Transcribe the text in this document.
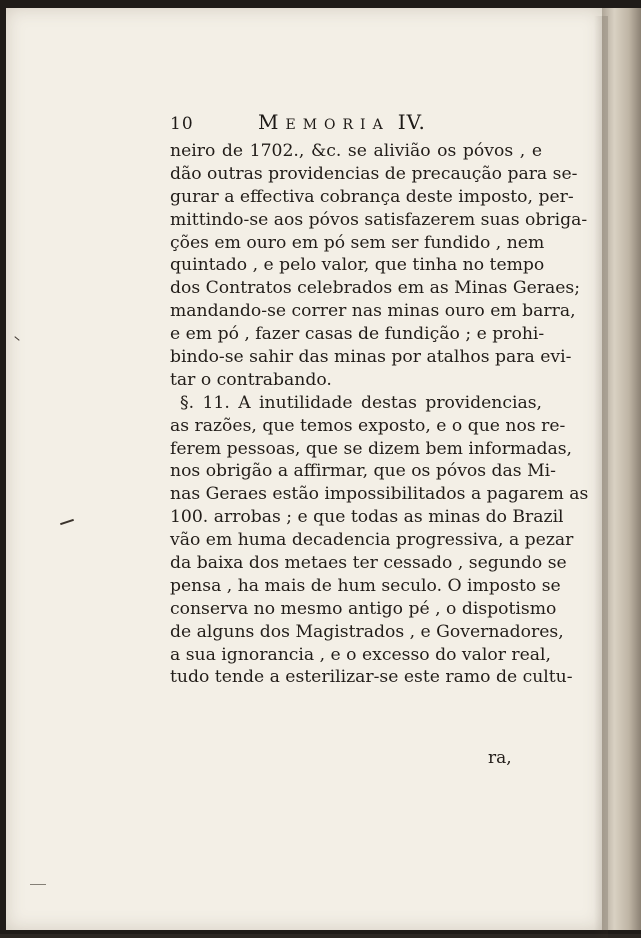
10	Memoria IV.
neiro de 1702., &c. se alivião os póvos , e
dão outras providencias de precaução para se-
gurar a effectiva cobrança deste imposto, per-
mittindo-se aos póvos satisfazerem suas obriga-
ções em ouro em pó sem ser fundido , nem
quintado , e pelo valor, que tinha no tempo
dos Contratos celebrados em as Minas Geraes;
mandando-se correr nas minas ouro em barra,
e em pó , fazer casas de fundição ; e prohi-
bindo-se sahir das minas por atalhos para evi-
tar o contrabando.
§. 11. A inutilidade destas providencias,
as razões, que temos exposto, e o que nos re-
ferem pessoas, que se dizem bem informadas,
nos obrigão a affirmar, que os póvos das Mi-
nas Geraes estão impossibilitados a pagarem as
100. arrobas ; e que todas as minas do Brazil
vão em huma decadencia progressiva, a pezar
da baixa dos metaes ter cessado , segundo se
pensa , ha mais de hum seculo. O imposto se
conserva no mesmo antigo pé , o dispotismo
de alguns dos Magistrados , e Governadores,
a sua ignorancia , e o excesso do valor real,
tudo tende a esterilizar-se este ramo de cultu-
ra,
